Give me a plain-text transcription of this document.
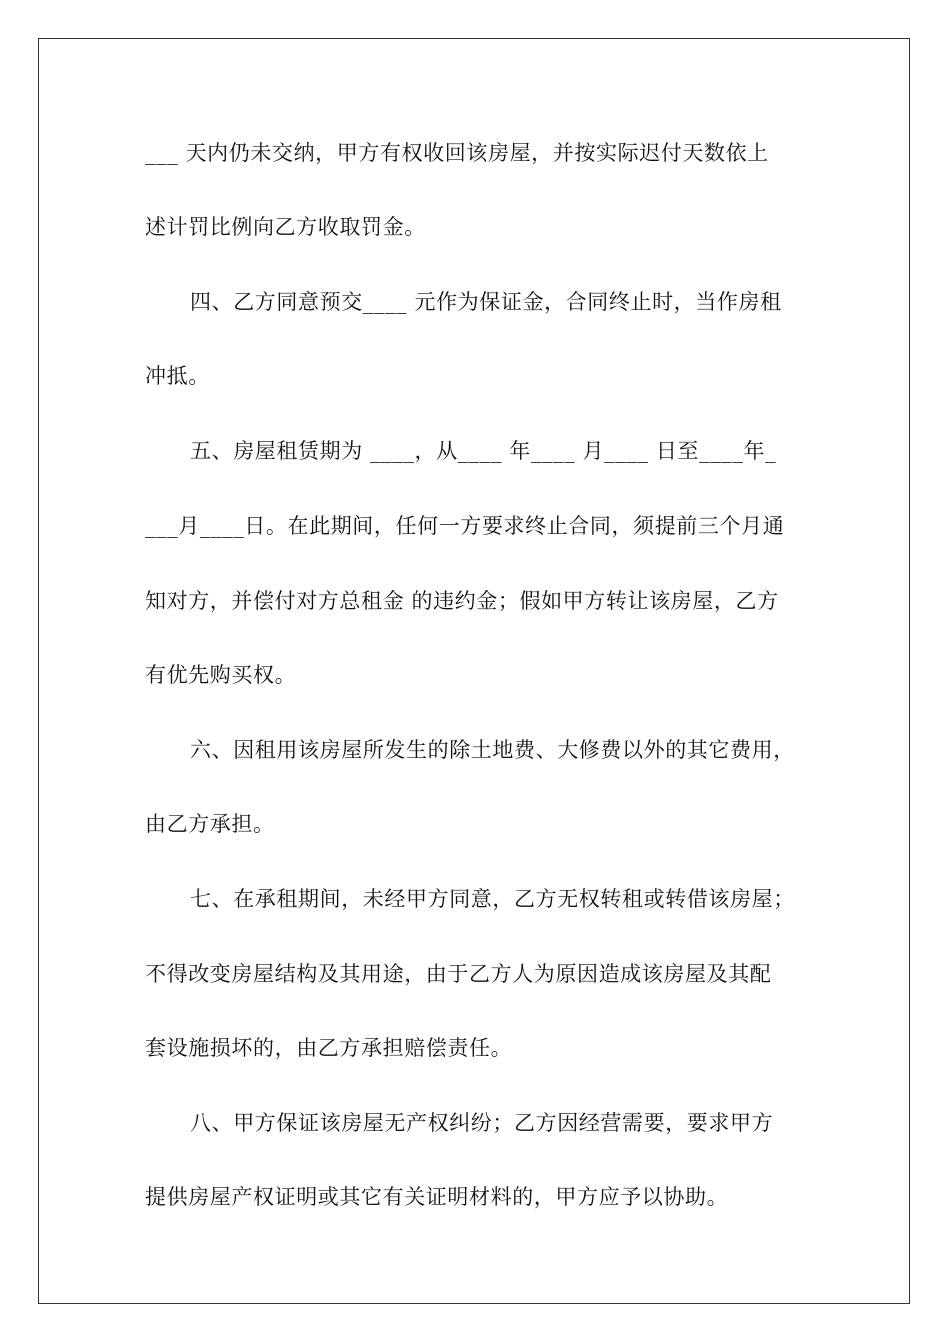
___ 天内仍未交纳，甲方有权收回该房屋，并按实际迟付天数依上
述计罚比例向乙方收取罚金。
四、乙方同意预交____ 元作为保证金，合同终止时，当作房租
冲抵。
五、房屋租赁期为 ____，从____ 年____ 月____ 日至____年_
___月____日。在此期间，任何一方要求终止合同，须提前三个月通
知对方，并偿付对方总租金 的违约金；假如甲方转让该房屋，乙方
有优先购买权。
六、因租用该房屋所发生的除土地费、大修费以外的其它费用，
由乙方承担。
七、在承租期间，未经甲方同意，乙方无权转租或转借该房屋；
不得改变房屋结构及其用途，由于乙方人为原因造成该房屋及其配
套设施损坏的，由乙方承担赔偿责任。
八、甲方保证该房屋无产权纠纷；乙方因经营需要，要求甲方
提供房屋产权证明或其它有关证明材料的，甲方应予以协助。
